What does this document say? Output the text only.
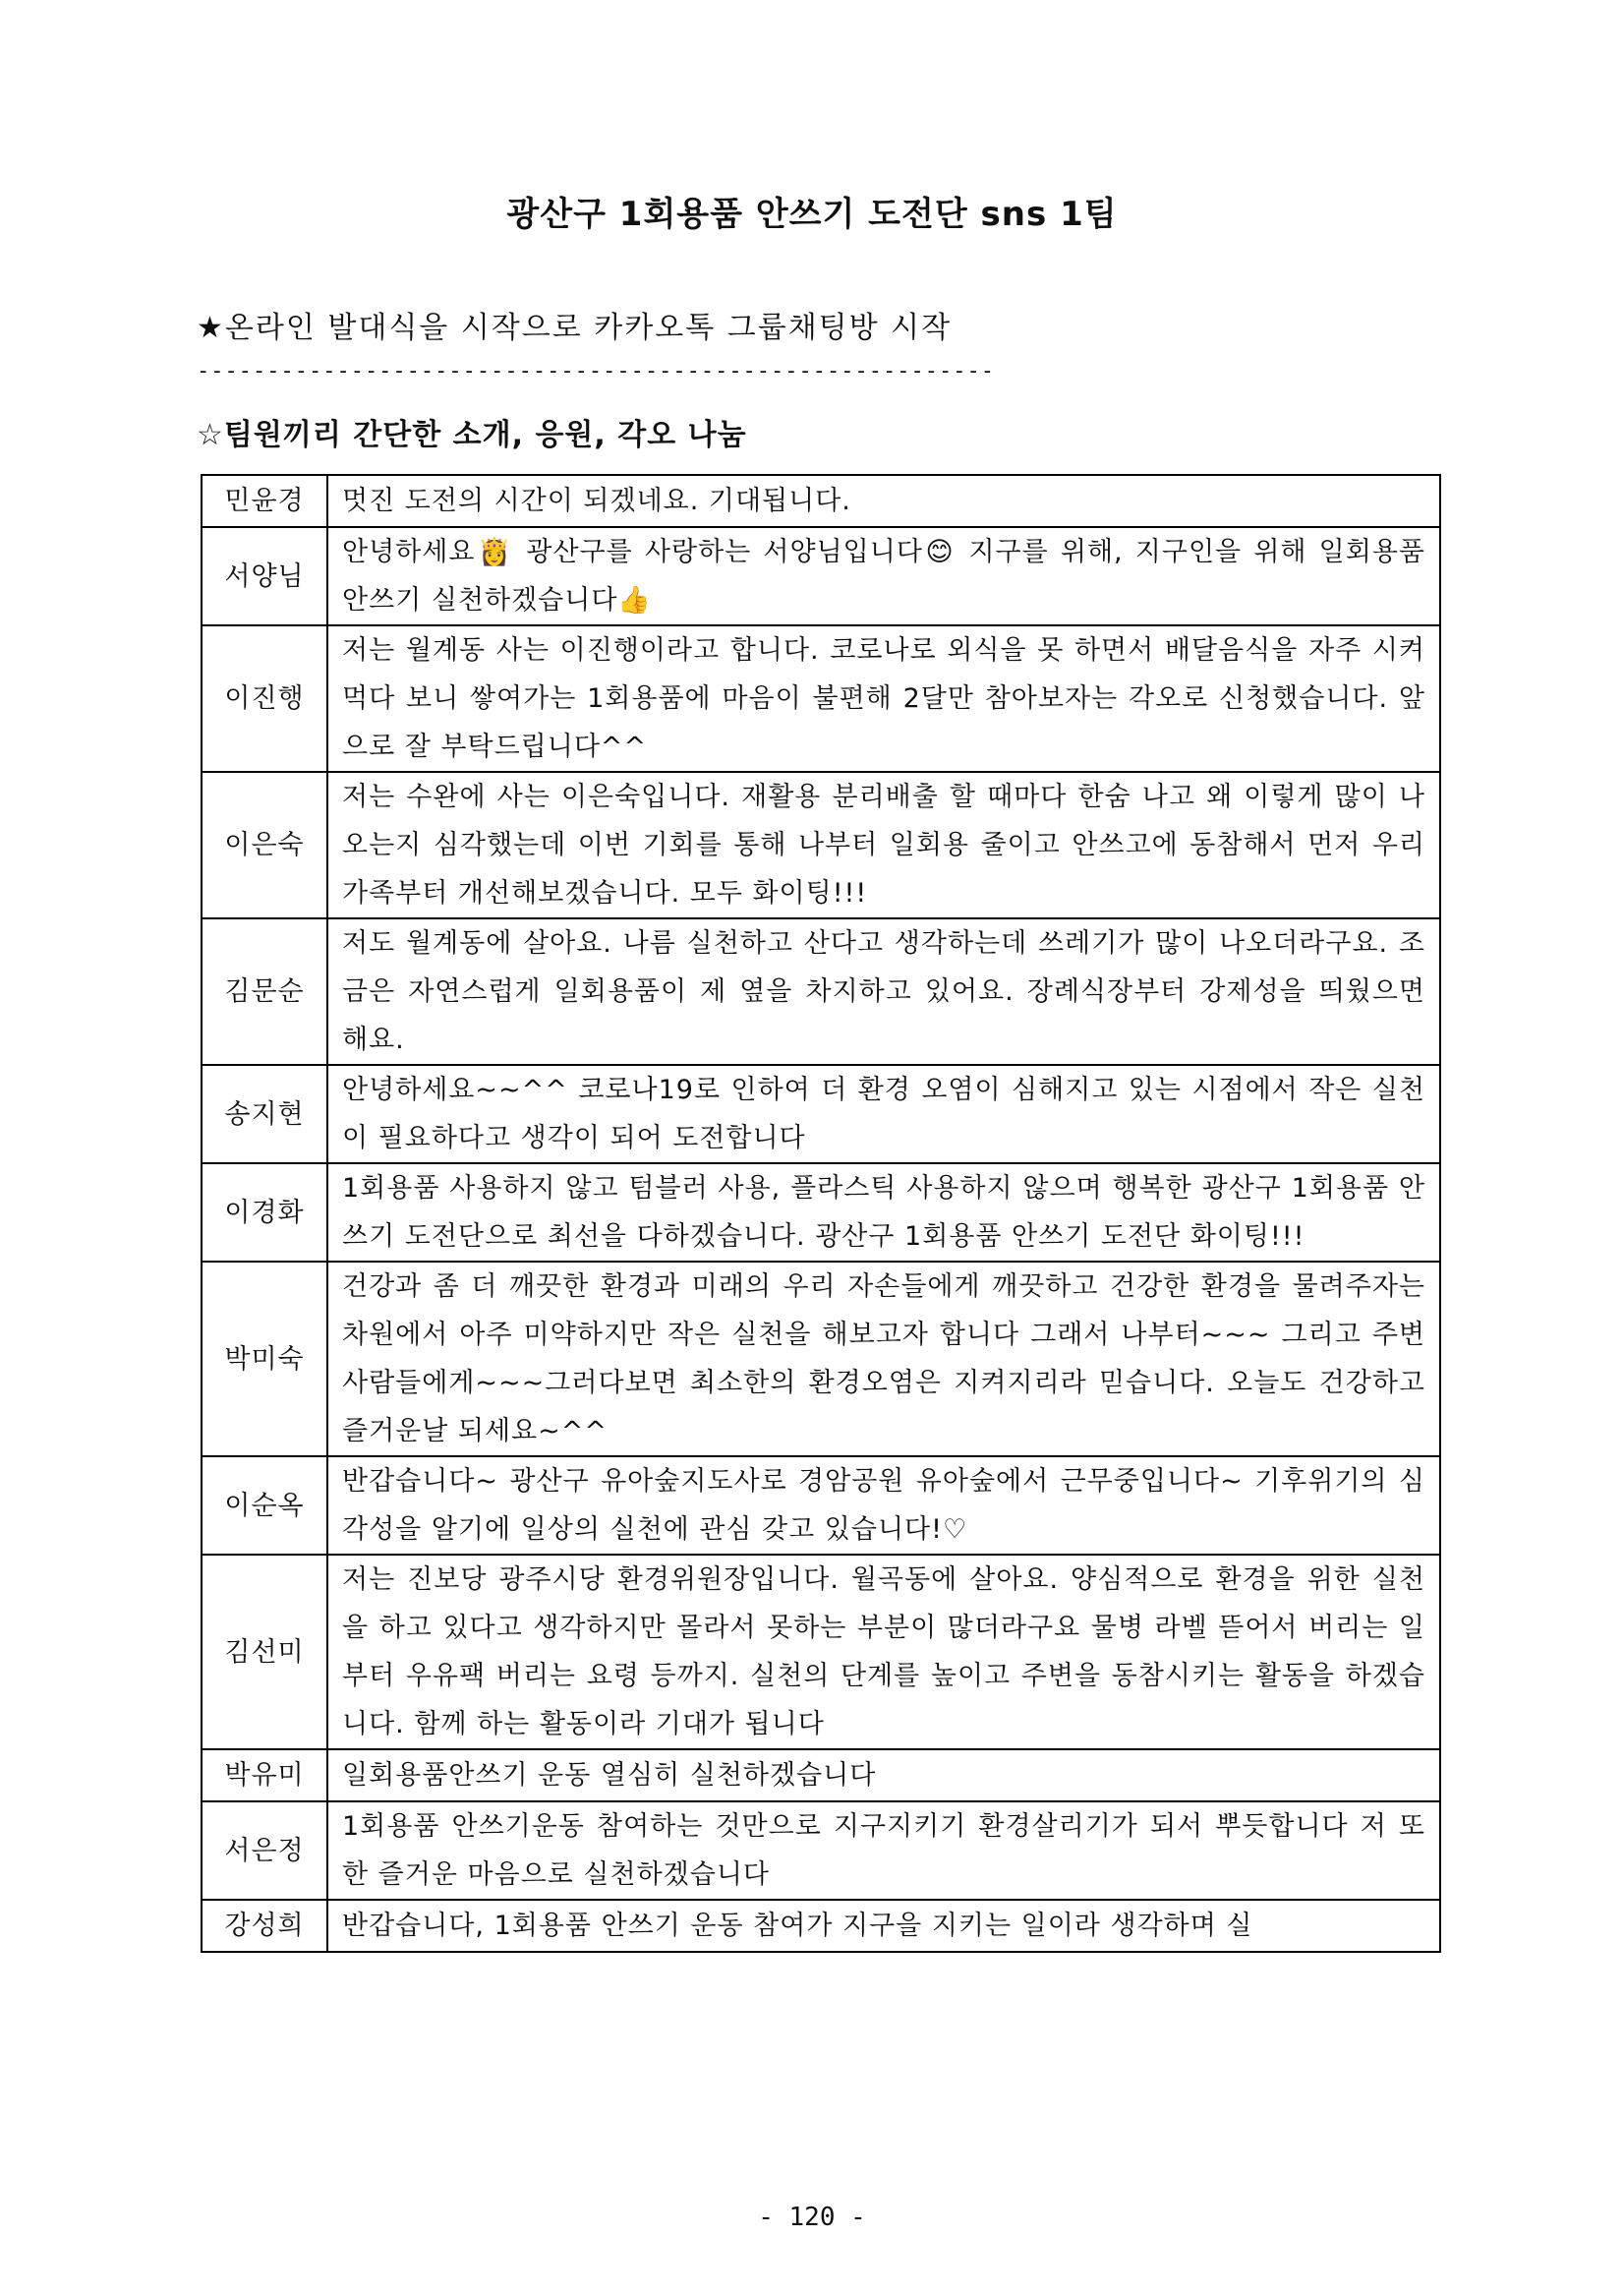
광산구 1회용품 안쓰기 도전단 sns 1팀
★온라인 발대식을 시작으로 카카오톡 그룹채팅방 시작
---------------------------------------------------------
☆팀원끼리 간단한 소개, 응원, 각오 나눔
민윤경	멋진 도전의 시간이 되겠네요. 기대됩니다.
서양님	안녕하세요👸 광산구를 사랑하는 서양님입니다😊 지구를 위해, 지구인을 위해 일회용품 안쓰기 실천하겠습니다👍
이진행	저는 월계동 사는 이진행이라고 합니다. 코로나로 외식을 못 하면서 배달음식을 자주 시켜 먹다 보니 쌓여가는 1회용품에 마음이 불편해 2달만 참아보자는 각오로 신청했습니다. 앞으로 잘 부탁드립니다^^
이은숙	저는 수완에 사는 이은숙입니다. 재활용 분리배출 할 때마다 한숨 나고 왜 이렇게 많이 나오는지 심각했는데 이번 기회를 통해 나부터 일회용 줄이고 안쓰고에 동참해서 먼저 우리 가족부터 개선해보겠습니다. 모두 화이팅!!!
김문순	저도 월계동에 살아요. 나름 실천하고 산다고 생각하는데 쓰레기가 많이 나오더라구요. 조금은 자연스럽게 일회용품이 제 옆을 차지하고 있어요. 장례식장부터 강제성을 띄웠으면 해요.
송지현	안녕하세요~~^^ 코로나19로 인하여 더 환경 오염이 심해지고 있는 시점에서 작은 실천이 필요하다고 생각이 되어 도전합니다
이경화	1회용품 사용하지 않고 텀블러 사용, 플라스틱 사용하지 않으며 행복한 광산구 1회용품 안쓰기 도전단으로 최선을 다하겠습니다. 광산구 1회용품 안쓰기 도전단 화이팅!!!
박미숙	건강과 좀 더 깨끗한 환경과 미래의 우리 자손들에게 깨끗하고 건강한 환경을 물려주자는 차원에서 아주 미약하지만 작은 실천을 해보고자 합니다 그래서 나부터~~~ 그리고 주변 사람들에게~~~그러다보면 최소한의 환경오염은 지켜지리라 믿습니다. 오늘도 건강하고 즐거운날 되세요~^^
이순옥	반갑습니다~ 광산구 유아숲지도사로 경암공원 유아숲에서 근무중입니다~ 기후위기의 심각성을 알기에 일상의 실천에 관심 갖고 있습니다!♡
김선미	저는 진보당 광주시당 환경위원장입니다. 월곡동에 살아요. 양심적으로 환경을 위한 실천을 하고 있다고 생각하지만 몰라서 못하는 부분이 많더라구요 물병 라벨 뜯어서 버리는 일부터 우유팩 버리는 요령 등까지. 실천의 단계를 높이고 주변을 동참시키는 활동을 하겠습니다. 함께 하는 활동이라 기대가 됩니다
박유미	일회용품안쓰기 운동 열심히 실천하겠습니다
서은정	1회용품 안쓰기운동 참여하는 것만으로 지구지키기 환경살리기가 되서 뿌듯합니다 저 또한 즐거운 마음으로 실천하겠습니다
강성희	반갑습니다, 1회용품 안쓰기 운동 참여가 지구을 지키는 일이라 생각하며 실
- 120 -
